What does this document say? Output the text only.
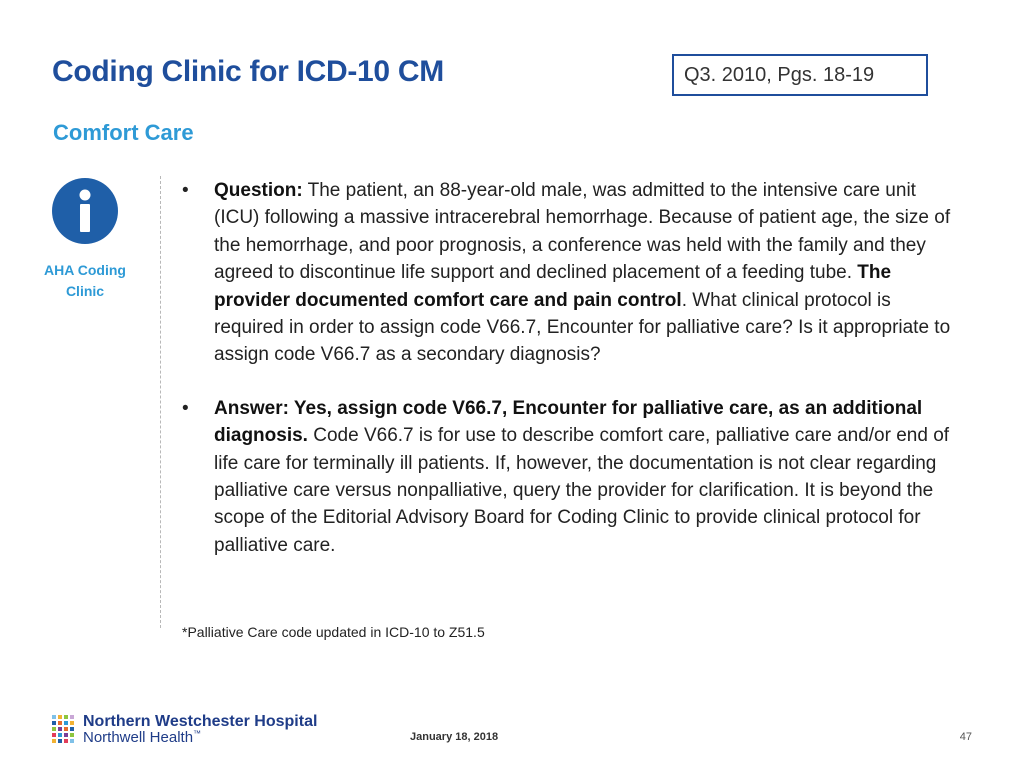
Coding Clinic for ICD-10 CM	Q3. 2010, Pgs. 18-19
Comfort Care
AHA Coding
Clinic
• Question: The patient, an 88-year-old male, was admitted to the intensive care unit (ICU) following a massive intracerebral hemorrhage. Because of patient age, the size of the hemorrhage, and poor prognosis, a conference was held with the family and they agreed to discontinue life support and declined placement of a feeding tube. The provider documented comfort care and pain control. What clinical protocol is required in order to assign code V66.7, Encounter for palliative care? Is it appropriate to assign code V66.7 as a secondary diagnosis?
• Answer: Yes, assign code V66.7, Encounter for palliative care, as an additional diagnosis. Code V66.7 is for use to describe comfort care, palliative care and/or end of life care for terminally ill patients. If, however, the documentation is not clear regarding palliative care versus nonpalliative, query the provider for clarification. It is beyond the scope of the Editorial Advisory Board for Coding Clinic to provide clinical protocol for palliative care.
*Palliative Care code updated in ICD-10 to Z51.5
Northern Westchester Hospital
Northwell Health™	January 18, 2018	47
